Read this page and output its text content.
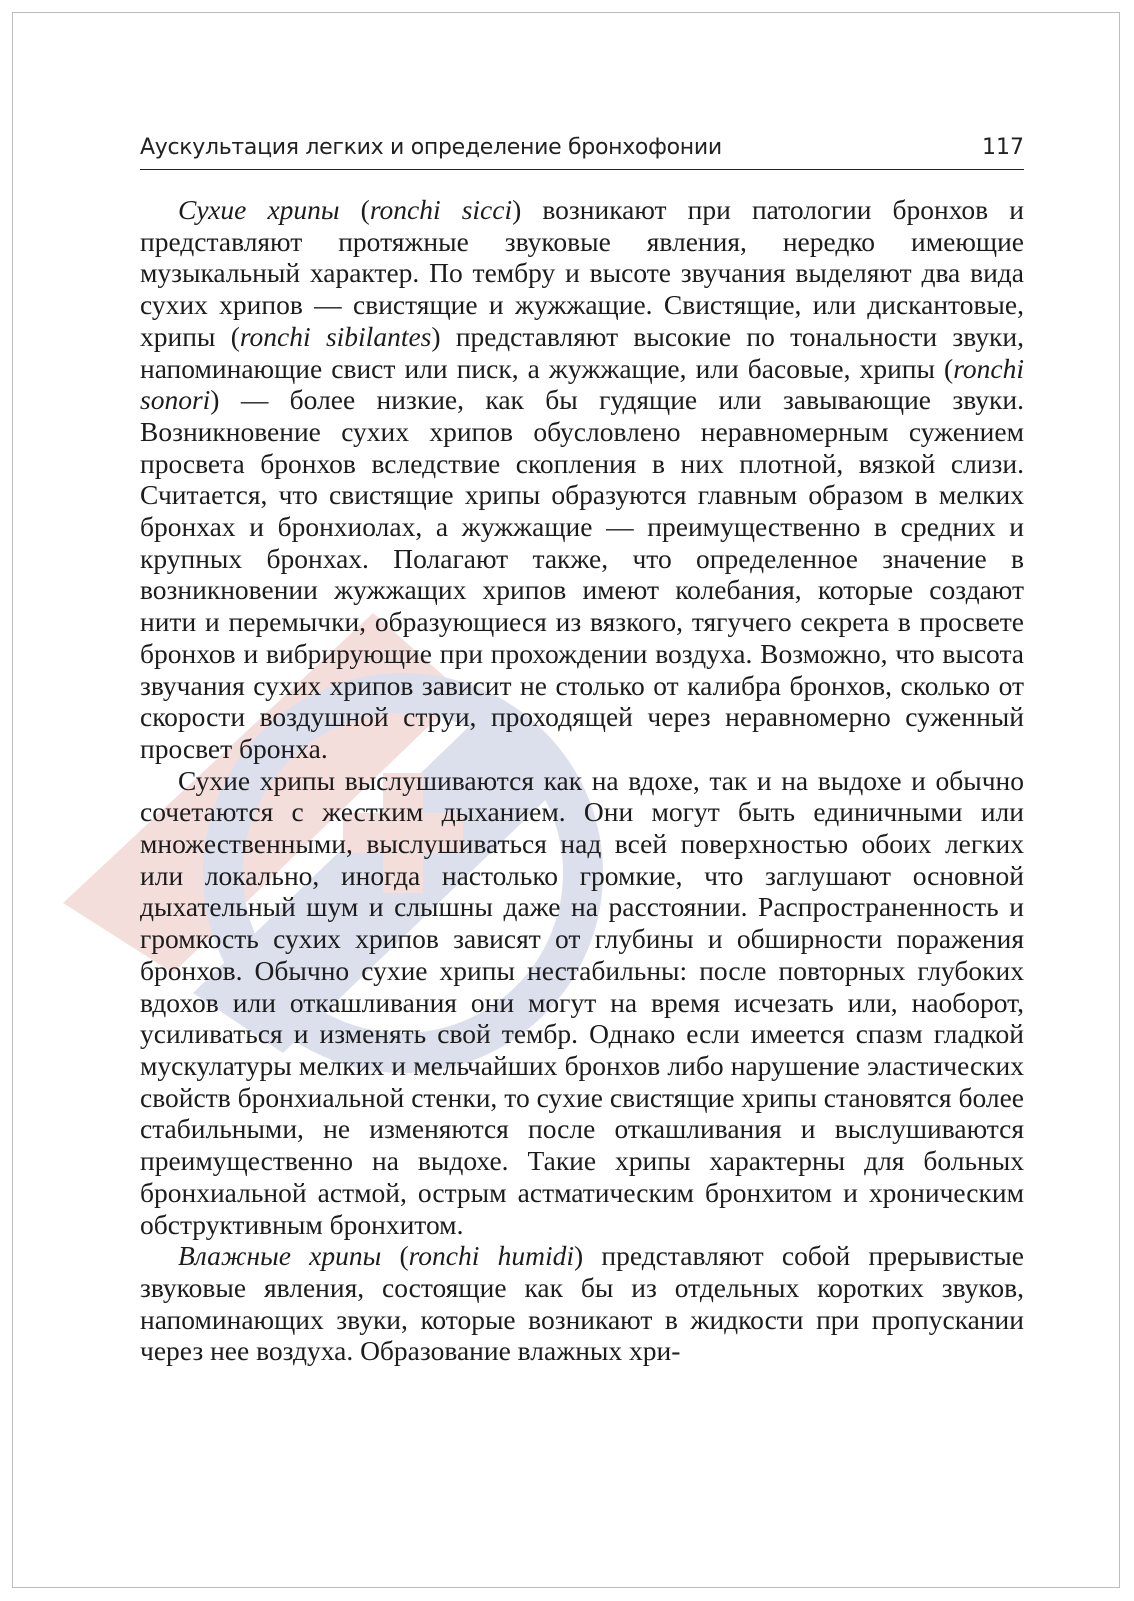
Аускультация легких и определение бронхофонии	117

Сухие хрипы (ronchi sicci) возникают при патологии бронхов и представляют протяжные звуковые явления, нередко имеющие музыкальный характер. По тембру и высоте звучания выделяют два вида сухих хрипов — свистящие и жужжащие. Свистящие, или дискантовые, хрипы (ronchi sibilantes) представляют высокие по тональности звуки, напоминающие свист или писк, а жужжащие, или басовые, хрипы (ronchi sonori) — более низкие, как бы гудящие или завывающие звуки. Возникновение сухих хрипов обусловлено неравномерным сужением просвета бронхов вследствие скопления в них плотной, вязкой слизи. Считается, что свистящие хрипы образуются главным образом в мелких бронхах и бронхиолах, а жужжащие — преимущественно в средних и крупных бронхах. Полагают также, что определенное значение в возникновении жужжащих хрипов имеют колебания, которые создают нити и перемычки, образующиеся из вязкого, тягучего секрета в просвете бронхов и вибрирующие при прохождении воздуха. Возможно, что высота звучания сухих хрипов зависит не столько от калибра бронхов, сколько от скорости воздушной струи, проходящей через неравномерно суженный просвет бронха.

Сухие хрипы выслушиваются как на вдохе, так и на выдохе и обычно сочетаются с жестким дыханием. Они могут быть единичными или множественными, выслушиваться над всей поверхностью обоих легких или локально, иногда настолько громкие, что заглушают основной дыхательный шум и слышны даже на расстоянии. Распространенность и громкость сухих хрипов зависят от глубины и обширности поражения бронхов. Обычно сухие хрипы нестабильны: после повторных глубоких вдохов или откашливания они могут на время исчезать или, наоборот, усиливаться и изменять свой тембр. Однако если имеется спазм гладкой мускулатуры мелких и мельчайших бронхов либо нарушение эластических свойств бронхиальной стенки, то сухие свистящие хрипы становятся более стабильными, не изменяются после откашливания и выслушиваются преимущественно на выдохе. Такие хрипы характерны для больных бронхиальной астмой, острым астматическим бронхитом и хроническим обструктивным бронхитом.

Влажные хрипы (ronchi humidi) представляют собой прерывистые звуковые явления, состоящие как бы из отдельных коротких звуков, напоминающих звуки, которые возникают в жидкости при пропускании через нее воздуха. Образование влажных хри-
